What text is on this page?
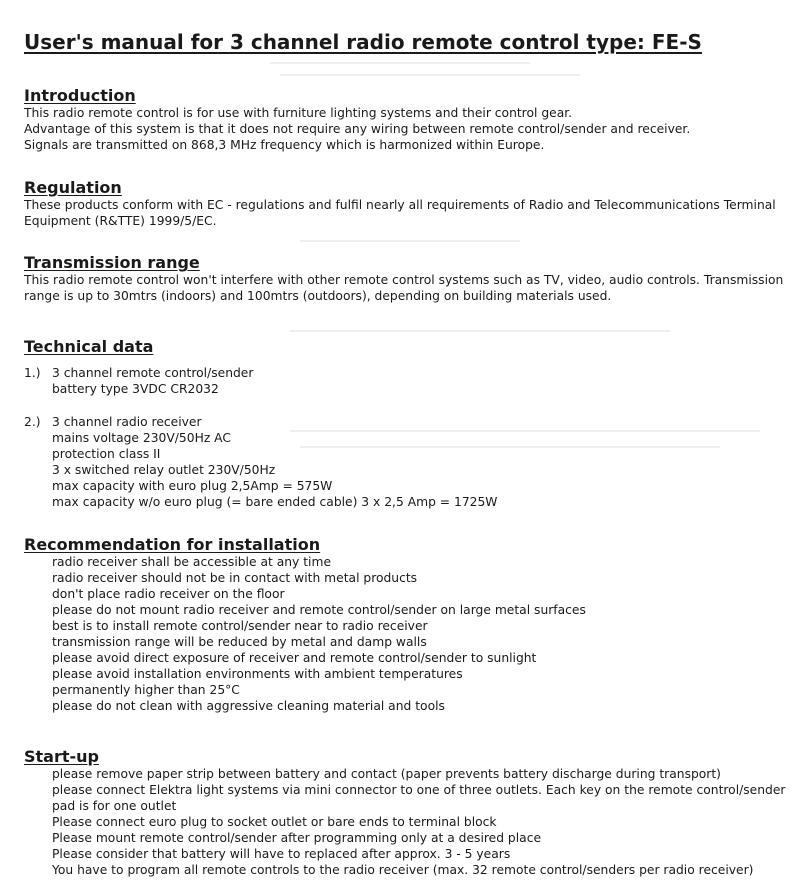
User's manual for 3 channel radio remote control type: FE-S
Introduction
This radio remote control is for use with furniture lighting systems and their control gear.
Advantage of this system is that it does not require any wiring between remote control/sender and receiver.
Signals are transmitted on 868,3 MHz frequency which is harmonized within Europe.
Regulation
These products conform with EC - regulations and fulfil nearly all requirements of Radio and Telecommunications Terminal Equipment (R&TTE) 1999/5/EC.
Transmission range
This radio remote control won't interfere with other remote control systems such as TV, video, audio controls. Transmission range is up to 30mtrs (indoors) and 100mtrs (outdoors), depending on building materials used.
Technical data
1.) 3 channel remote control/sender
battery type 3VDC CR2032
2.) 3 channel radio receiver
mains voltage 230V/50Hz AC
protection class II
3 x switched relay outlet 230V/50Hz
max capacity with euro plug 2,5Amp = 575W
max capacity w/o euro plug (= bare ended cable) 3 x 2,5 Amp = 1725W
Recommendation for installation
radio receiver shall be accessible at any time
radio receiver should not be in contact with metal products
don't place radio receiver on the floor
please do not mount radio receiver and remote control/sender on large metal surfaces
best is to install remote control/sender near to radio receiver
transmission range will be reduced by metal and damp walls
please avoid direct exposure of receiver and remote control/sender to sunlight
please avoid installation environments with ambient temperatures
permanently higher than 25°C
please do not clean with aggressive cleaning material and tools
Start-up
please remove paper strip between battery and contact (paper prevents battery discharge during transport)
please connect Elektra light systems via mini connector to one of three outlets. Each key on the remote control/sender
pad is for one outlet
Please connect euro plug to socket outlet or bare ends to terminal block
Please mount remote control/sender after programming only at a desired place
Please consider that battery will have to replaced after approx. 3 - 5 years
You have to program all remote controls to the radio receiver (max. 32 remote control/senders per radio receiver)
